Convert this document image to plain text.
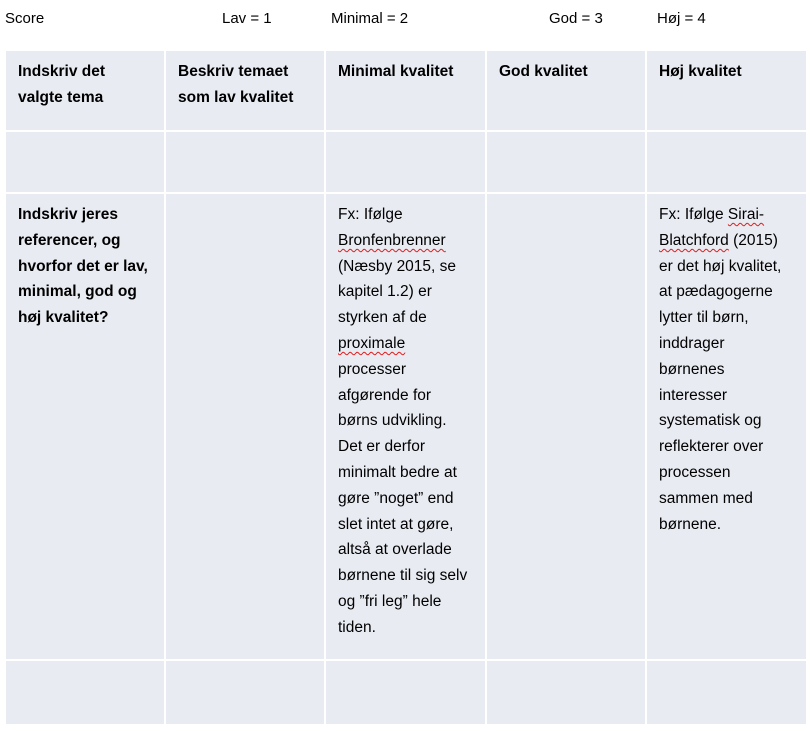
Score	Lav = 1	Minimal = 2	God = 3	Høj = 4
Indskriv det valgte tema	Beskriv temaet som lav kvalitet	Minimal kvalitet	God kvalitet	Høj kvalitet

Indskriv jeres referencer, og hvorfor det er lav, minimal, god og høj kvalitet?		Fx: Ifølge Bronfenbrenner (Næsby 2015, se kapitel 1.2) er styrken af de proximale processer afgørende for børns udvikling. Det er derfor minimalt bedre at gøre ”noget” end slet intet at gøre, altså at overlade børnene til sig selv og ”fri leg” hele tiden.		Fx: Ifølge Sirai-Blatchford (2015) er det høj kvalitet, at pædagogerne lytter til børn, inddrager børnenes interesser systematisk og reflekterer over processen sammen med børnene.
